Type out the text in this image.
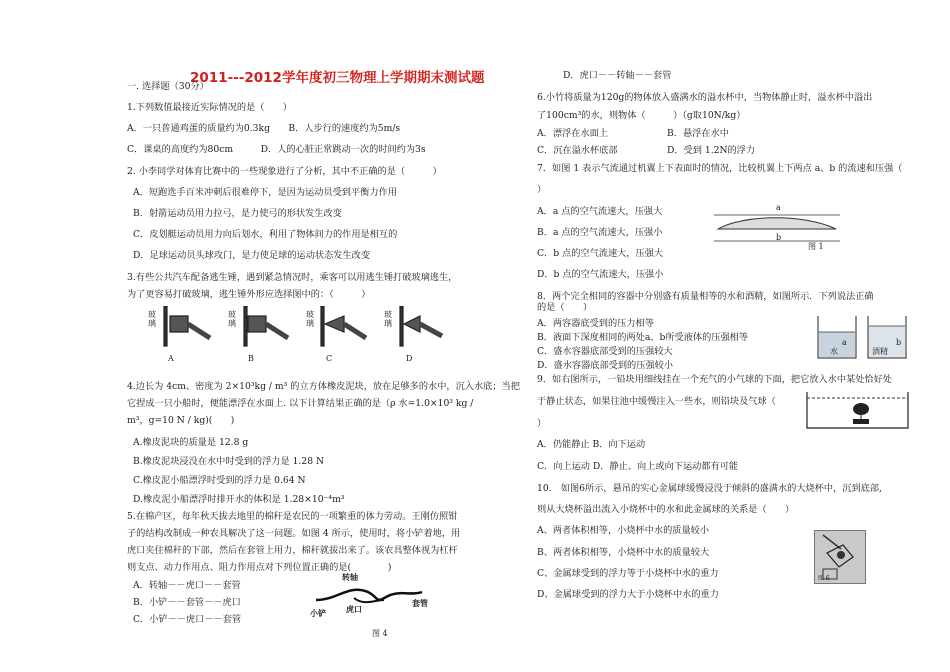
2011---2012学年度初三物理上学期期末测试题
一. 选择题（30分）
1.下列数值最接近实际情况的是（　　）
A．一只普通鸡蛋的质量约为0.3kg　　B．人步行的速度约为5m/s
C．课桌的高度约为80cm　　　D．人的心脏正常跳动一次的时间约为3s
2. 小李同学对体育比赛中的一些现象进行了分析，其中不正确的是（　　　）
A．短跑选手百米冲刺后很难停下，是因为运动员受到平衡力作用
B．射箭运动员用力拉弓，是力使弓的形状发生改变
C．皮划艇运动员用力向后划水，利用了物体间力的作用是相互的
D．足球运动员头球攻门，是力使足球的运动状态发生改变
3.有些公共汽车配备逃生锤，遇到紧急情况时，乘客可以用逃生锤打破玻璃逃生，
为了更容易打破玻璃，逃生锤外形应选择图中的：（　　　）
4.边长为 4cm、密度为 2×10³kg / m³ 的立方体橡皮泥块，放在足够多的水中，沉入水底；当把
它捏成一只小船时，便能漂浮在水面上. 以下计算结果正确的是（ρ 水=1.0×10³ kg /
m³，g=10 N / kg)(　　)
A.橡皮泥块的质量是 12.8 g
B.橡皮泥块浸没在水中时受到的浮力是 1.28 N
C.橡皮泥小船漂浮时受到的浮力是 0.64 N
D.橡皮泥小船漂浮时排开水的体积是 1.28×10⁻⁴m³
5.在棉产区，每年秋天拔去地里的棉秆是农民的一项繁重的体力劳动。王刚仿照钳
子的结构改制成一种农具解决了这一问题。如图 4 所示，使用时，将小铲着地，用
虎口夹住棉秆的下部，然后在套管上用力，棉秆就拔出来了。该农具整体视为杠杆
则支点、动力作用点、阻力作用点对下列位置正确的是(　　　　)
A．转轴－－虎口－－套管
B．小铲－－套管－－虎口
C．小铲－－虎口－－套管
玻璃
玻璃
玻璃
玻璃
A	B	C	D
转轴
套管
小铲	虎口
图 4
D．虎口－－转轴－－套管
6.小竹将质量为120g的物体放入盛满水的溢水杯中，当物体静止时，溢水杯中溢出
了100cm³的水，则物体（　　　）（g取10N/kg）
A．漂浮在水面上	B．悬浮在水中
C．沉在溢水杯底部	D．受到 1.2N的浮力
7．如图 1 表示气流通过机翼上下表面时的情况，比较机翼上下两点 a、b 的流速和压强（
）
A．a 点的空气流速大，压强大
B．a 点的空气流速大，压强小
C．b 点的空气流速大，压强大
D．b 点的空气流速大，压强小
8．两个完全相同的容器中分别盛有质量相等的水和酒精，如图所示．下列说法正确
的是（　　）
A．两容器底受到的压力相等
B．液面下深度相同的两处a、b所受液体的压强相等
C．盛水容器底部受到的压强较大
D．盛水容器底部受到的压强较小
9．如右图所示，一铅块用细线挂在一个充气的小气球的下面，把它放入水中某处恰好处
于静止状态，如果往池中缓慢注入一些水，则铅块及气球（
）
A．仍能静止 B．向下运动
C．向上运动 D．静止、向上或向下运动都有可能
10.　如图6所示，悬吊的实心金属球缓慢浸没于倾斜的盛满水的大烧杯中，沉到底部,
则从大烧杯溢出流入小烧杯中的水和此金属球的关系是（　　）
A、两者体积相等，小烧杯中水的质量较小
B、两者体积相等，小烧杯中水的质量较大
C、金属球受到的浮力等于小烧杯中水的重力
D、金属球受到的浮力大于小烧杯中水的重力
a
b
图 1
水	酒精
a	b
图 6
